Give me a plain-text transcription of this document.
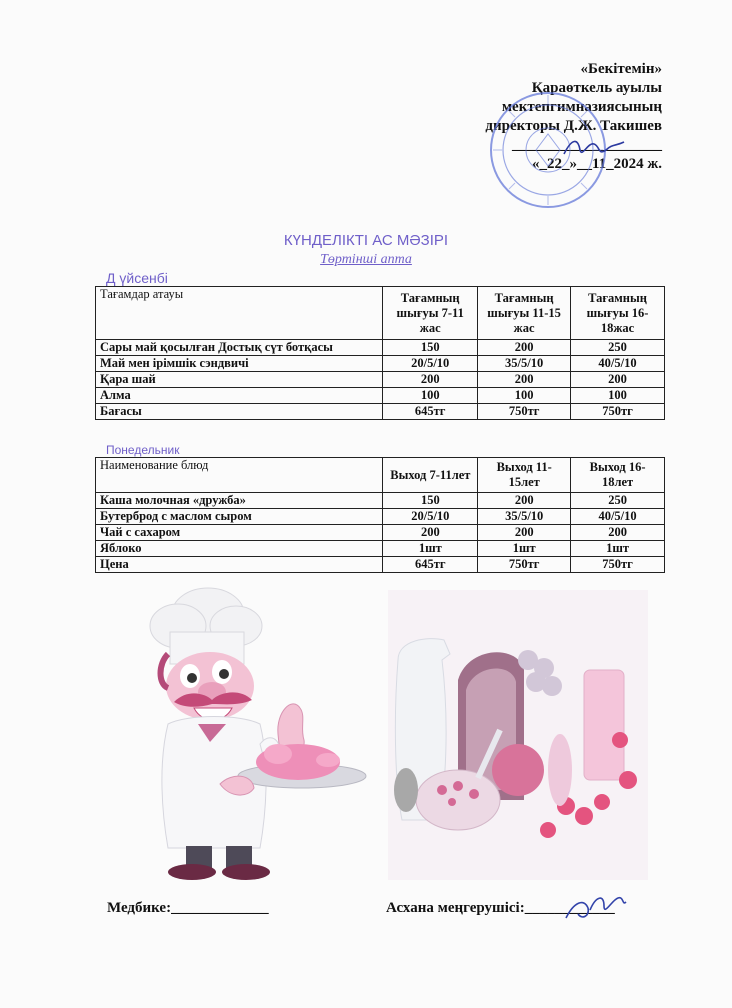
«Бекітемін»
Қараөткель ауылы
мектепгимназиясының
директоры Д.Ж. Такишев
____________________
«_22_»__11_2024 ж.
КҮНДЕЛІКТІ АС МӘЗІРІ
Төртінші апта
Д үйсенбі
Тағамдар атауы	Тағамның шығуы 7-11 жас	Тағамның шығуы 11-15 жас	Тағамның шығуы 16-18жас
Сары май қосылған Достық сүт ботқасы	150	200	250
Май мен ірімшік сэндвичі	20/5/10	35/5/10	40/5/10
Қара шай	200	200	200
Алма	100	100	100
Бағасы	645тг	750тг	750тг
Понедельник
Наименование блюд	Выход 7-11лет	Выход 11-15лет	Выход 16-18лет
Каша молочная «дружба»	150	200	250
Бутерброд с маслом сыром	20/5/10	35/5/10	40/5/10
Чай с сахаром	200	200	200
Яблоко	1шт	1шт	1шт
Цена	645тг	750тг	750тг
Медбике:_____________	Асхана меңгерушісі:____________
